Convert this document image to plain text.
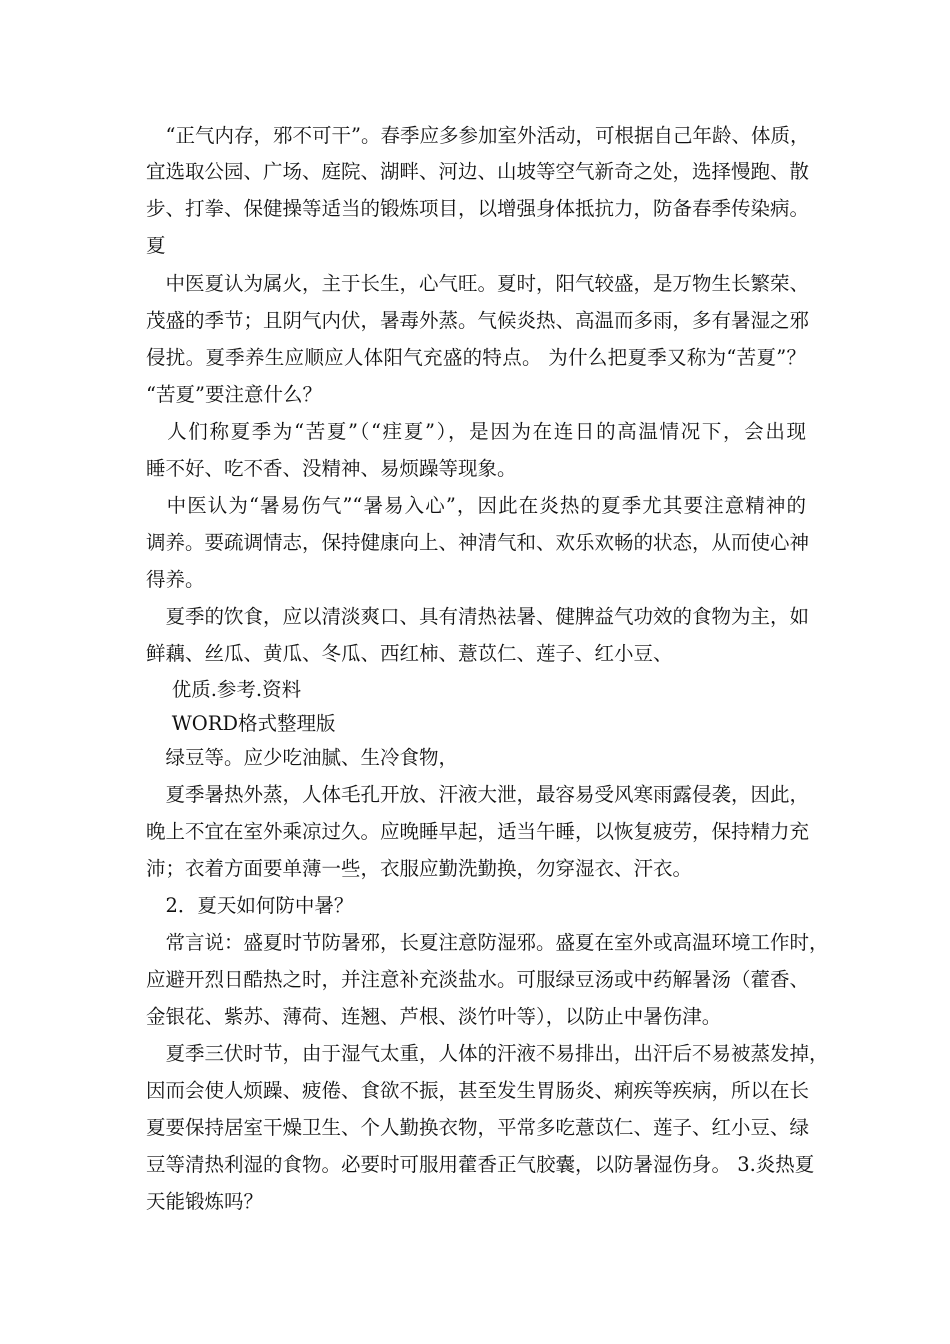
　“正气内存，邪不可干”。春季应多参加室外活动，可根据自己年龄、体质，
宜选取公园、广场、庭院、湖畔、河边、山坡等空气新奇之处，选择慢跑、散
步、打拳、保健操等适当的锻炼项目，以增强身体抵抗力，防备春季传染病。
夏
　中医夏认为属火，主于长生，心气旺。夏时，阳气较盛，是万物生长繁荣、
茂盛的季节；且阴气内伏，暑毒外蒸。气候炎热、高温而多雨，多有暑湿之邪
侵扰。夏季养生应顺应人体阳气充盛的特点。 为什么把夏季又称为“苦夏”？
“苦夏”要注意什么？
　人们称夏季为“苦夏”（“疰夏”），是因为在连日的高温情况下，会出现
睡不好、吃不香、没精神、易烦躁等现象。
　中医认为“暑易伤气”“暑易入心”，因此在炎热的夏季尤其要注意精神的
调养。要疏调情志，保持健康向上、神清气和、欢乐欢畅的状态，从而使心神
得养。
　夏季的饮食，应以清淡爽口、具有清热祛暑、健脾益气功效的食物为主，如
鲜藕、丝瓜、黄瓜、冬瓜、西红柿、薏苡仁、莲子、红小豆、
　 优质.参考.资料
　 WORD格式整理版
　绿豆等。应少吃油腻、生冷食物，
　夏季暑热外蒸，人体毛孔开放、汗液大泄，最容易受风寒雨露侵袭，因此，
晚上不宜在室外乘凉过久。应晚睡早起，适当午睡，以恢复疲劳，保持精力充
沛；衣着方面要单薄一些，衣服应勤洗勤换，勿穿湿衣、汗衣。
　2．夏天如何防中暑？
　常言说：盛夏时节防暑邪，长夏注意防湿邪。盛夏在室外或高温环境工作时，
应避开烈日酷热之时，并注意补充淡盐水。可服绿豆汤或中药解暑汤（藿香、
金银花、紫苏、薄荷、连翘、芦根、淡竹叶等），以防止中暑伤津。
　夏季三伏时节，由于湿气太重，人体的汗液不易排出，出汗后不易被蒸发掉，
因而会使人烦躁、疲倦、食欲不振，甚至发生胃肠炎、痢疾等疾病，所以在长
夏要保持居室干燥卫生、个人勤换衣物，平常多吃薏苡仁、莲子、红小豆、绿
豆等清热利湿的食物。必要时可服用藿香正气胶囊，以防暑湿伤身。 3.炎热夏
天能锻炼吗？
